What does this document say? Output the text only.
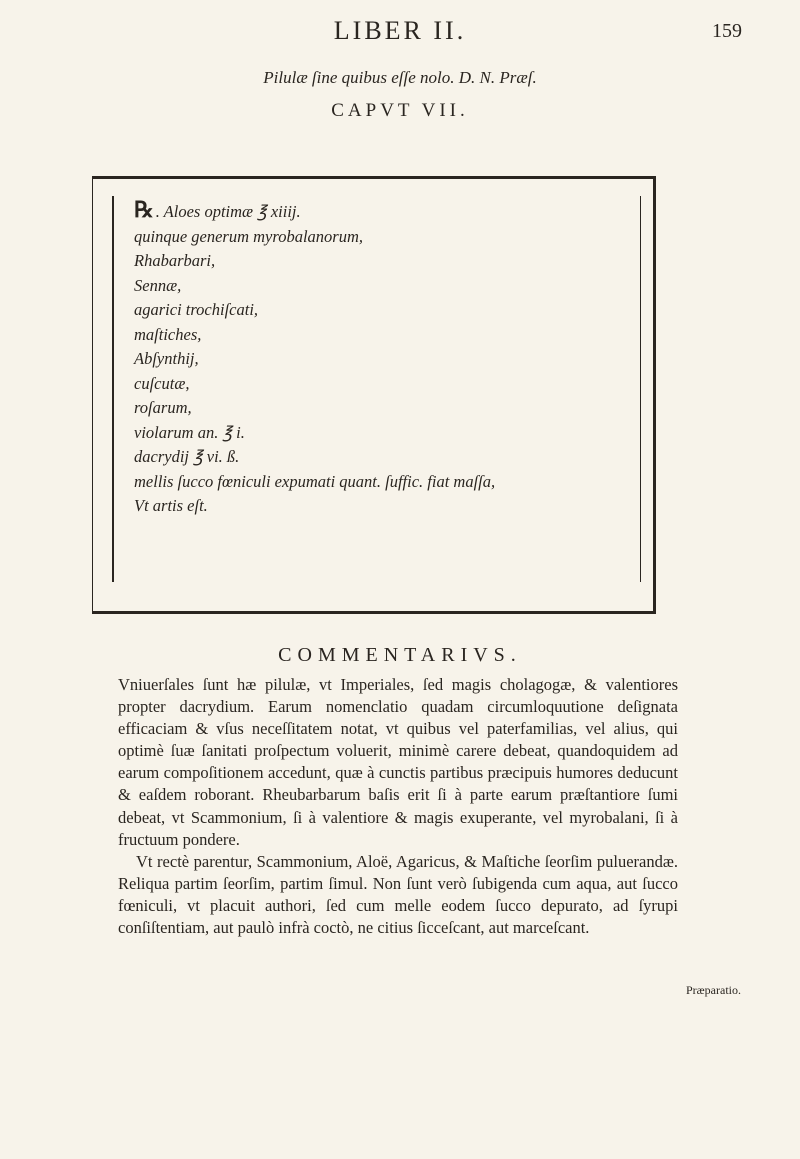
LIBER II.	159
Pilulæ ſine quibus eſſe nolo. D. N. Præſ.
CAPVT VII.
℞ . Aloes optimæ ℥ xiiij.
quinque generum myrobalanorum,
Rhabarbari,
Sennæ,
agarici trochiſcati,
maſtiches,
Abſynthij,
cuſcutæ,
roſarum,
violarum an. ℥ i.
dacrydij ℥ vi. ß.
mellis ſucco fœniculi expumati quant. ſuffic. fiat maſſa,
Vt artis eſt.
COMMENTARIVS.

Vniuerſales ſunt hæ pilulæ, vt Imperiales, ſed magis cholagogæ, & valentiores propter dacrydium. Earum nomenclatio quadam circumloquutione deſignata efficaciam & vſus neceſſitatem notat, vt quibus vel paterfamilias, vel alius, qui optimè ſuæ ſanitati proſpectum voluerit, minimè carere debeat, quandoquidem ad earum compoſitionem accedunt, quæ à cunctis partibus præcipuis humores deducunt & eaſdem roborant. Rheubarbarum baſis erit ſi à parte earum præſtantiore ſumi debeat, vt Scammonium, ſi à valentiore & magis exuperante, vel myrobalani, ſi à fructuum pondere.

Vt rectè parentur, Scammonium, Aloë, Agaricus, & Maſtiche ſeorſim puluerandæ. Reliqua partim ſeorſim, partim ſimul. Non ſunt verò ſubigenda cum aqua, aut ſucco fœniculi, vt placuit authori, ſed cum melle eodem ſucco depurato, ad ſyrupi conſiſtentiam, aut paulò infrà coctò, ne citius ſicceſcant, aut marceſcant.

Præparatio.
